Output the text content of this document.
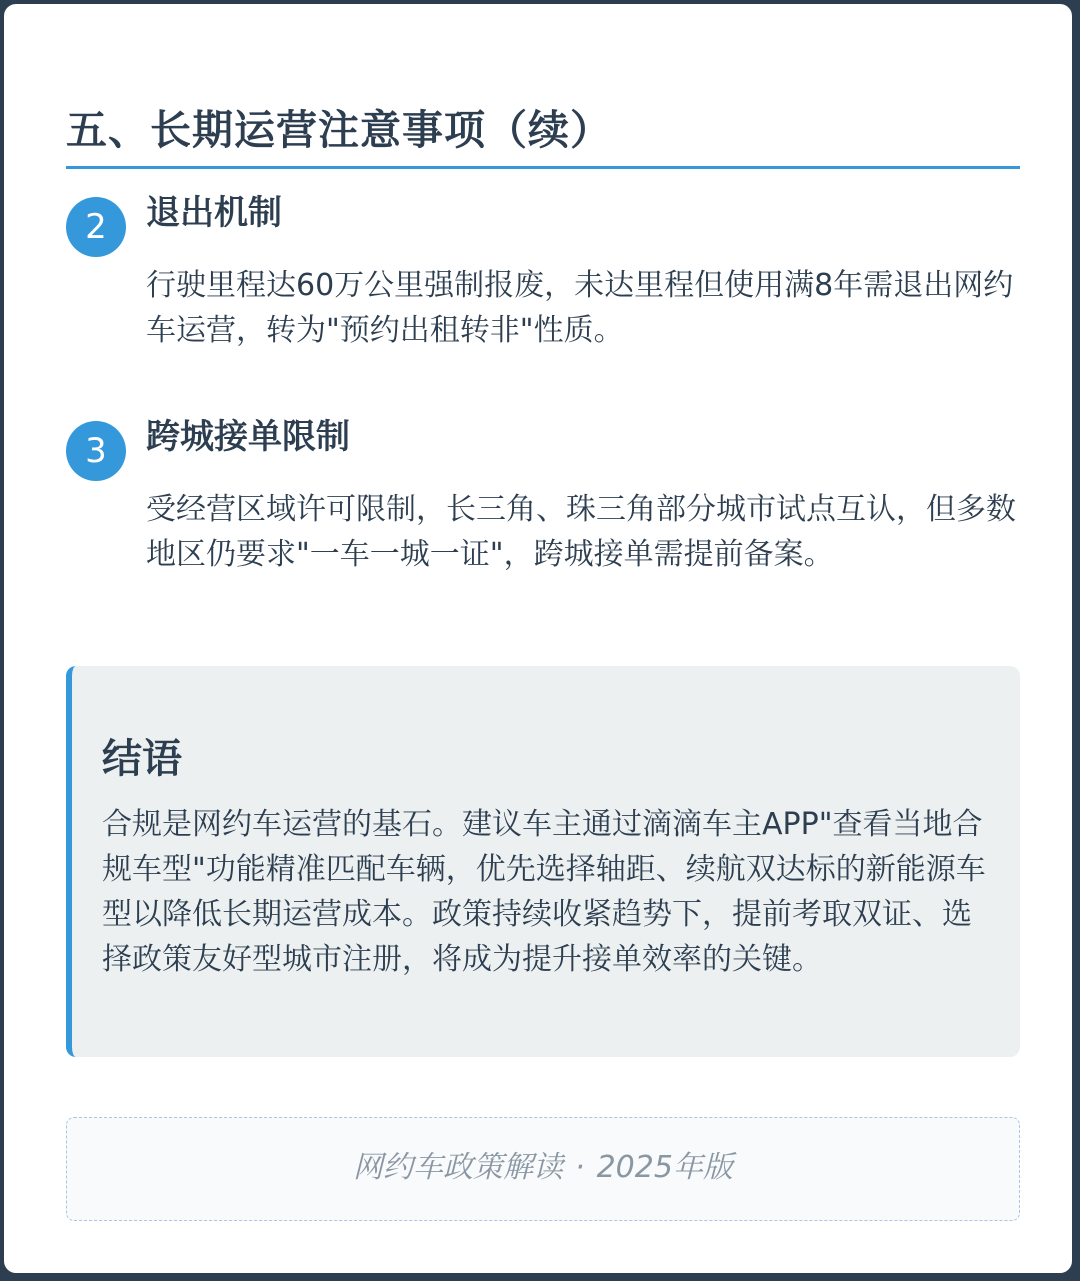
五、长期运营注意事项（续）
2	退出机制

行驶里程达60万公里强制报废，未达里程但使用满8年需退出网约车运营，转为"预约出租转非"性质。

3	跨城接单限制

受经营区域许可限制，长三角、珠三角部分城市试点互认，但多数地区仍要求"一车一城一证"，跨城接单需提前备案。

结语

合规是网约车运营的基石。建议车主通过滴滴车主APP"查看当地合规车型"功能精准匹配车辆，优先选择轴距、续航双达标的新能源车型以降低长期运营成本。政策持续收紧趋势下，提前考取双证、选择政策友好型城市注册，将成为提升接单效率的关键。

网约车政策解读 · 2025年版
